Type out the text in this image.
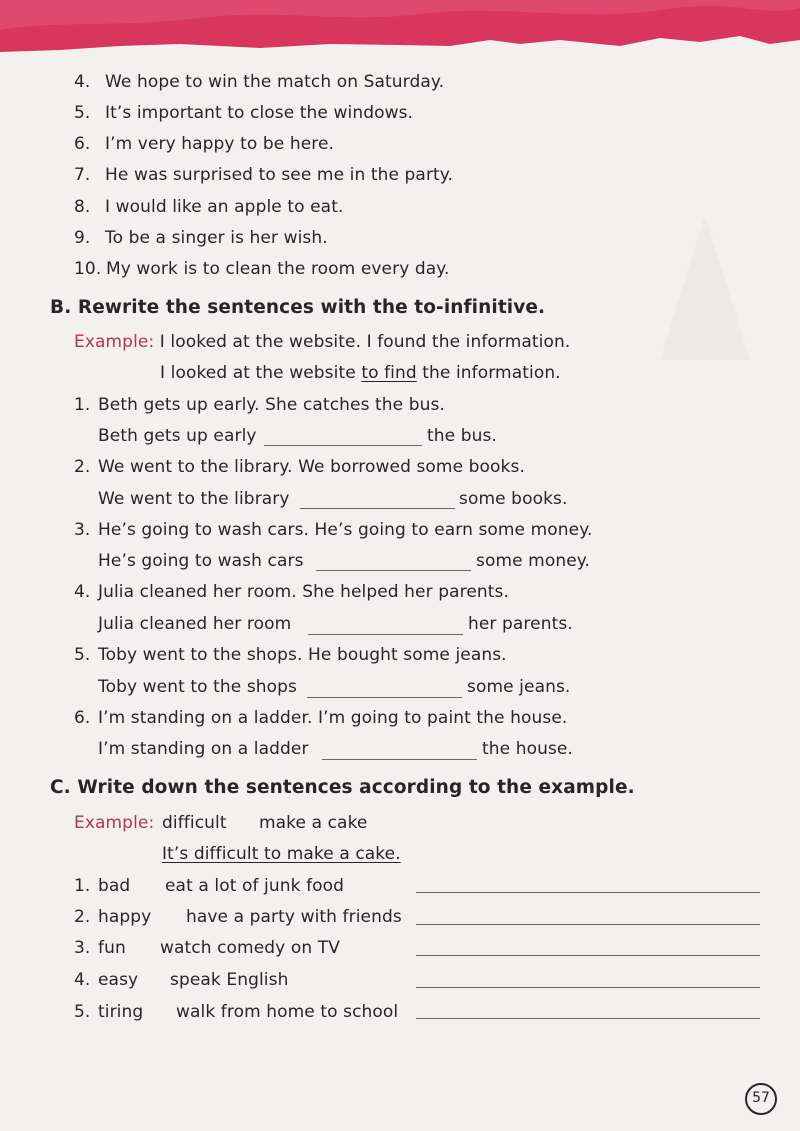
4. We hope to win the match on Saturday.
5. It’s important to close the windows.
6. I’m very happy to be here.
7. He was surprised to see me in the party.
8. I would like an apple to eat.
9. To be a singer is her wish.
10. My work is to clean the room every day.
B. Rewrite the sentences with the to-infinitive.
Example: I looked at the website. I found the information.
I looked at the website to find the information.
1. Beth gets up early. She catches the bus.
Beth gets up early	the bus.
2. We went to the library. We borrowed some books.
We went to the library	some books.
3. He’s going to wash cars. He’s going to earn some money.
He’s going to wash cars	some money.
4. Julia cleaned her room. She helped her parents.
Julia cleaned her room	her parents.
5. Toby went to the shops. He bought some jeans.
Toby went to the shops	some jeans.
6. I’m standing on a ladder. I’m going to paint the house.
I’m standing on a ladder	the house.
C. Write down the sentences according to the example.
Example: difficult make a cake
It’s difficult to make a cake.
1. bad eat a lot of junk food
2. happy have a party with friends
3. fun watch comedy on TV
4. easy speak English
5. tiring walk from home to school
57
